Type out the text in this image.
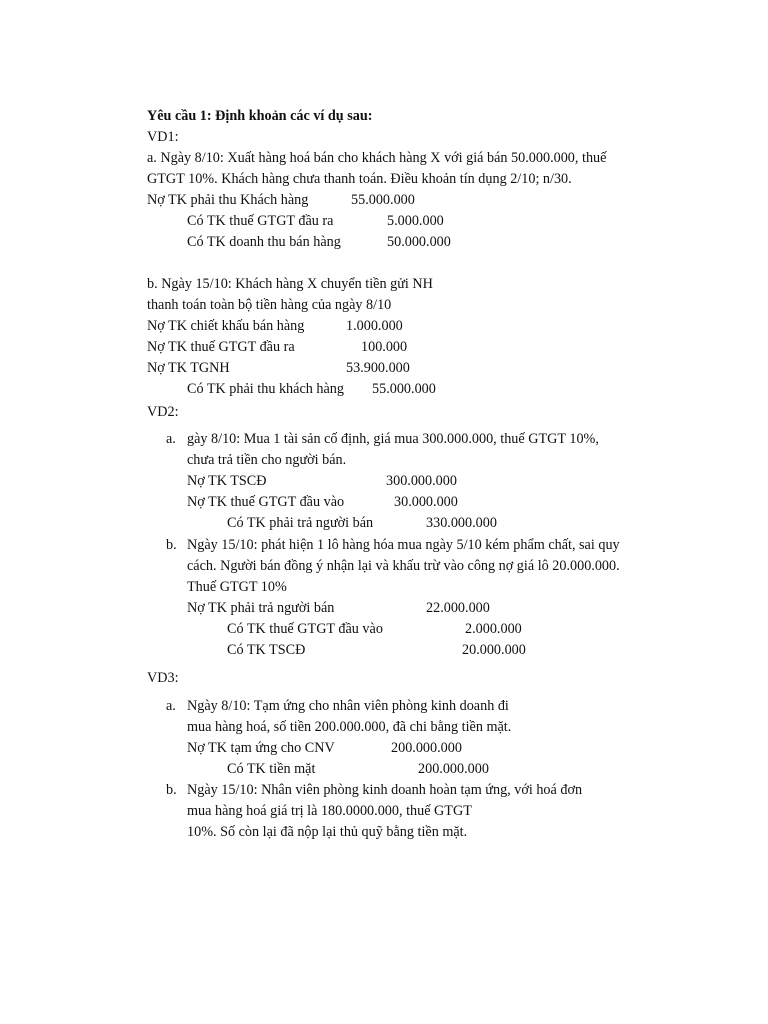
Yêu cầu 1: Định khoản các ví dụ sau:
VD1:
a. Ngày 8/10: Xuất hàng hoá bán cho khách hàng X với giá bán 50.000.000, thuế
GTGT 10%. Khách hàng chưa thanh toán. Điều khoản tín dụng 2/10; n/30.
Nợ TK phải thu Khách hàng	55.000.000
Có TK thuế GTGT đầu ra	5.000.000
Có TK doanh thu bán hàng	50.000.000
b. Ngày 15/10: Khách hàng X chuyển tiền gửi NH
thanh toán toàn bộ tiền hàng của ngày 8/10
Nợ TK chiết khấu bán hàng	1.000.000
Nợ TK thuế GTGT đầu ra	100.000
Nợ TK TGNH	53.900.000
Có TK phải thu khách hàng 55.000.000
VD2:
a. gày 8/10: Mua 1 tài sản cố định, giá mua 300.000.000, thuế GTGT 10%,
chưa trả tiền cho người bán.
Nợ TK TSCĐ	300.000.000
Nợ TK thuế GTGT đầu vào	30.000.000
Có TK phải trả người bán	330.000.000
b. Ngày 15/10: phát hiện 1 lô hàng hóa mua ngày 5/10 kém phẩm chất, sai quy
cách. Người bán đồng ý nhận lại và khấu trừ vào công nợ giá lô 20.000.000.
Thuế GTGT 10%
Nợ TK phải trả người bán	22.000.000
Có TK thuế GTGT đầu vào	2.000.000
Có TK TSCĐ	20.000.000
VD3:
a. Ngày 8/10: Tạm ứng cho nhân viên phòng kinh doanh đi
mua hàng hoá, số tiền 200.000.000, đã chi bằng tiền mặt.
Nợ TK tạm ứng cho CNV	200.000.000
Có TK tiền mặt	200.000.000
b. Ngày 15/10: Nhân viên phòng kinh doanh hoàn tạm ứng, với hoá đơn
mua hàng hoá giá trị là 180.0000.000, thuế GTGT
10%. Số còn lại đã nộp lại thủ quỹ bằng tiền mặt.
